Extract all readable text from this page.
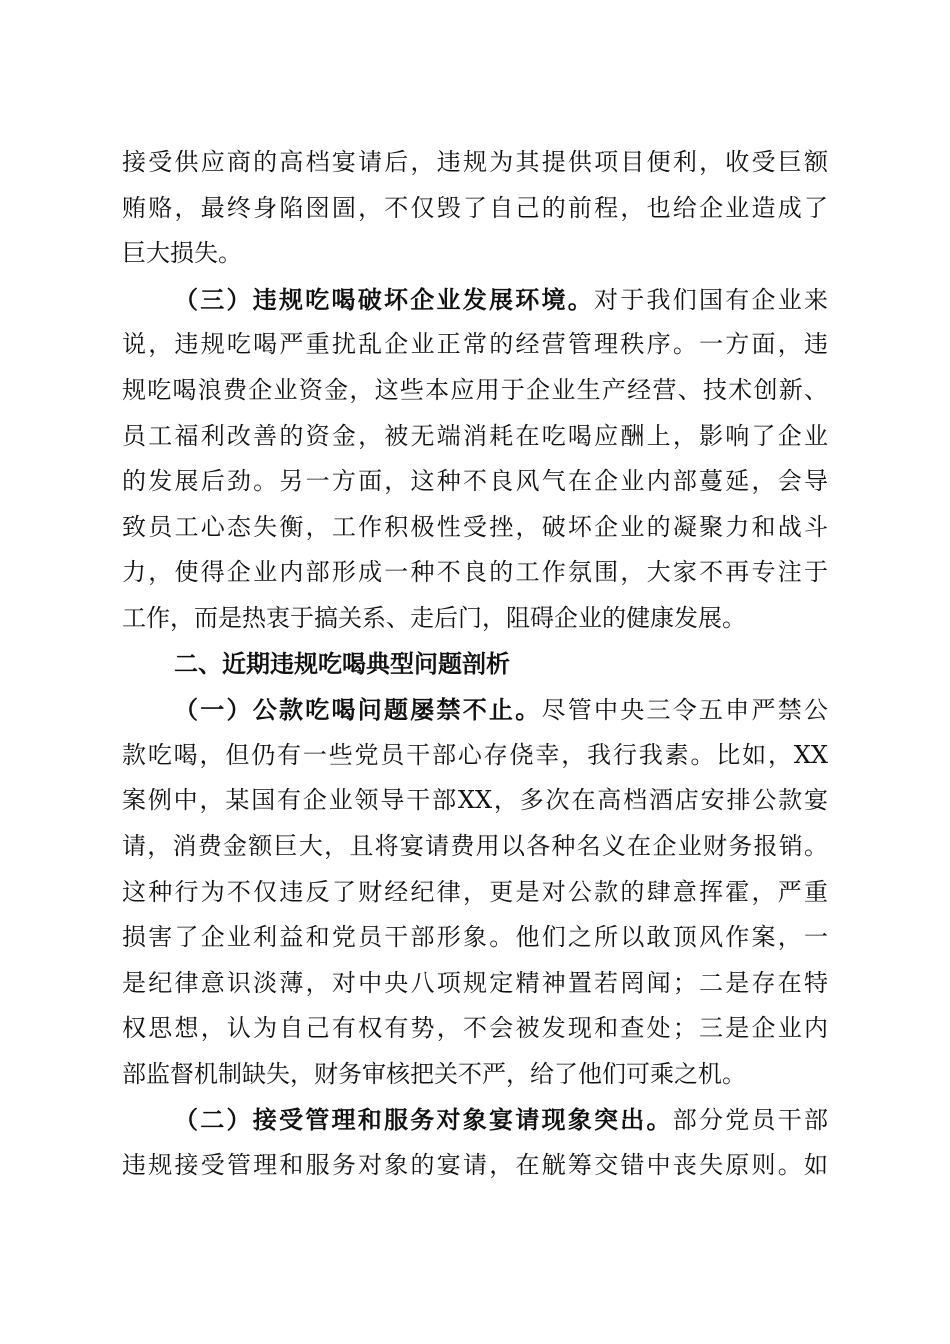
接受供应商的高档宴请后，违规为其提供项目便利，收受巨额
贿赂，最终身陷囹圄，不仅毁了自己的前程，也给企业造成了
巨大损失。
（三）违规吃喝破坏企业发展环境。对于我们国有企业来
说，违规吃喝严重扰乱企业正常的经营管理秩序。一方面，违
规吃喝浪费企业资金，这些本应用于企业生产经营、技术创新、
员工福利改善的资金，被无端消耗在吃喝应酬上，影响了企业
的发展后劲。另一方面，这种不良风气在企业内部蔓延，会导
致员工心态失衡，工作积极性受挫，破坏企业的凝聚力和战斗
力，使得企业内部形成一种不良的工作氛围，大家不再专注于
工作，而是热衷于搞关系、走后门，阻碍企业的健康发展。
二、近期违规吃喝典型问题剖析
（一）公款吃喝问题屡禁不止。尽管中央三令五申严禁公
款吃喝，但仍有一些党员干部心存侥幸，我行我素。比如，XX
案例中，某国有企业领导干部XX，多次在高档酒店安排公款宴
请，消费金额巨大，且将宴请费用以各种名义在企业财务报销。
这种行为不仅违反了财经纪律，更是对公款的肆意挥霍，严重
损害了企业利益和党员干部形象。他们之所以敢顶风作案，一
是纪律意识淡薄，对中央八项规定精神置若罔闻；二是存在特
权思想，认为自己有权有势，不会被发现和查处；三是企业内
部监督机制缺失，财务审核把关不严，给了他们可乘之机。
（二）接受管理和服务对象宴请现象突出。部分党员干部
违规接受管理和服务对象的宴请，在觥筹交错中丧失原则。如
